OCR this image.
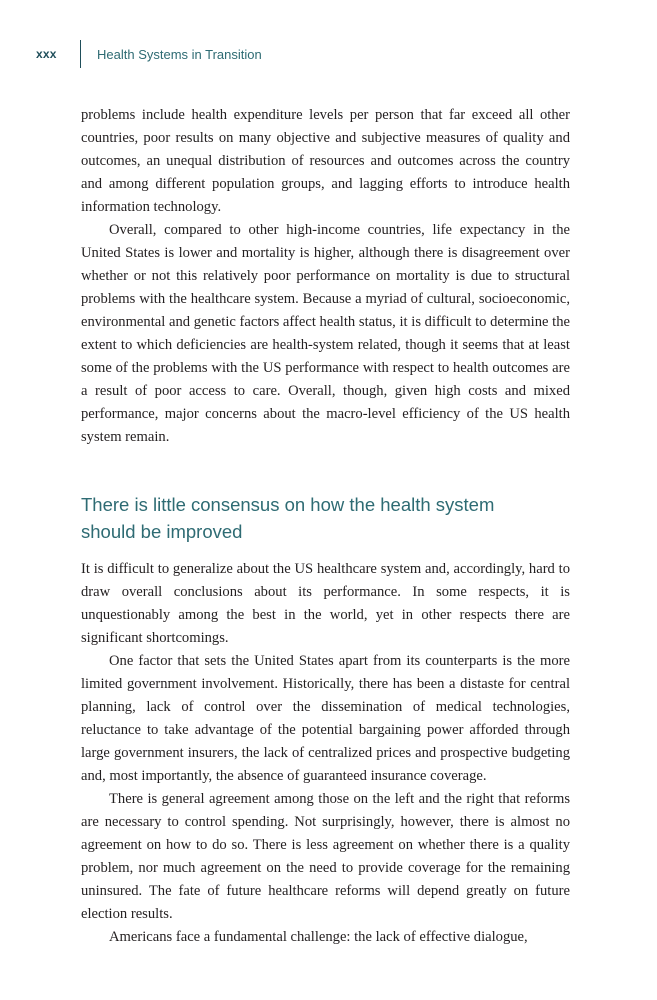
xxx	Health Systems in Transition

problems include health expenditure levels per person that far exceed all other countries, poor results on many objective and subjective measures of quality and outcomes, an unequal distribution of resources and outcomes across the country and among different population groups, and lagging efforts to introduce health information technology.

Overall, compared to other high-income countries, life expectancy in the United States is lower and mortality is higher, although there is disagreement over whether or not this relatively poor performance on mortality is due to structural problems with the healthcare system. Because a myriad of cultural, socioeconomic, environmental and genetic factors affect health status, it is difficult to determine the extent to which deficiencies are health-system related, though it seems that at least some of the problems with the US performance with respect to health outcomes are a result of poor access to care. Overall, though, given high costs and mixed performance, major concerns about the macro-level efficiency of the US health system remain.

There is little consensus on how the health system should be improved

It is difficult to generalize about the US healthcare system and, accordingly, hard to draw overall conclusions about its performance. In some respects, it is unquestionably among the best in the world, yet in other respects there are significant shortcomings.

One factor that sets the United States apart from its counterparts is the more limited government involvement. Historically, there has been a distaste for central planning, lack of control over the dissemination of medical technologies, reluctance to take advantage of the potential bargaining power afforded through large government insurers, the lack of centralized prices and prospective budgeting and, most importantly, the absence of guaranteed insurance coverage.

There is general agreement among those on the left and the right that reforms are necessary to control spending. Not surprisingly, however, there is almost no agreement on how to do so. There is less agreement on whether there is a quality problem, nor much agreement on the need to provide coverage for the remaining uninsured. The fate of future healthcare reforms will depend greatly on future election results.

Americans face a fundamental challenge: the lack of effective dialogue,
